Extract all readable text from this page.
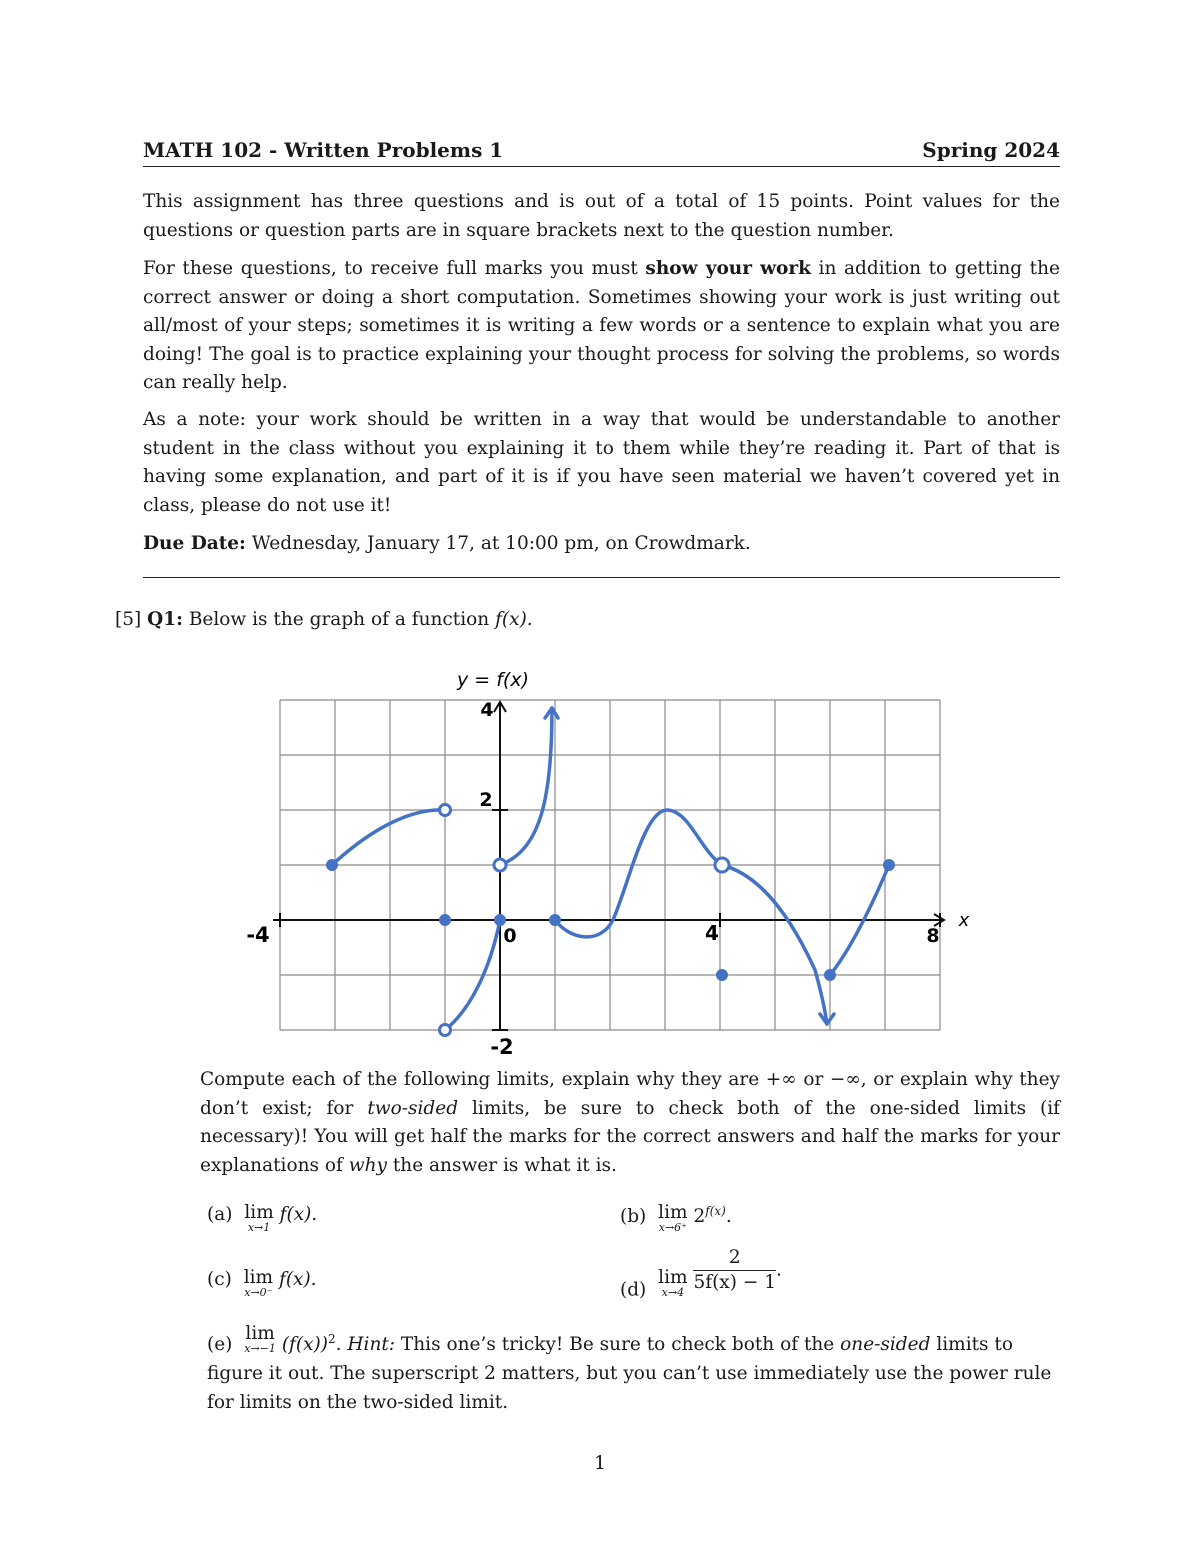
MATH 102 - Written Problems 1	Spring 2024

This assignment has three questions and is out of a total of 15 points. Point values for the questions or question parts are in square brackets next to the question number.

For these questions, to receive full marks you must show your work in addition to getting the correct answer or doing a short computation. Sometimes showing your work is just writing out all/most of your steps; sometimes it is writing a few words or a sentence to explain what you are doing! The goal is to practice explaining your thought process for solving the problems, so words can really help.

As a note: your work should be written in a way that would be understandable to another student in the class without you explaining it to them while they’re reading it. Part of that is having some explanation, and part of it is if you have seen material we haven’t covered yet in class, please do not use it!

Due Date: Wednesday, January 17, at 10:00 pm, on Crowdmark.

[5] Q1: Below is the graph of a function f(x).
y = f(x)
x
-4	0	4	8
4
2
-2

Compute each of the following limits, explain why they are +∞ or −∞, or explain why they don’t exist; for two-sided limits, be sure to check both of the one-sided limits (if necessary)! You will get half the marks for the correct answers and half the marks for your explanations of why the answer is what it is.

(a) lim
x→1
f(x).	(b) lim
x→6⁺
$2^{f(x)}$.
(c) lim
x→0⁻
f(x).	(d) lim
x→4
$\frac{2}{5f(x) - 1}$ .
(e) lim
x→−1 $(f(x))^2$. Hint: This one’s tricky! Be sure to check both of the one-sided limits to figure it out. The superscript 2 matters, but you can’t use immediately use the power rule for limits on the two-sided limit.
1
